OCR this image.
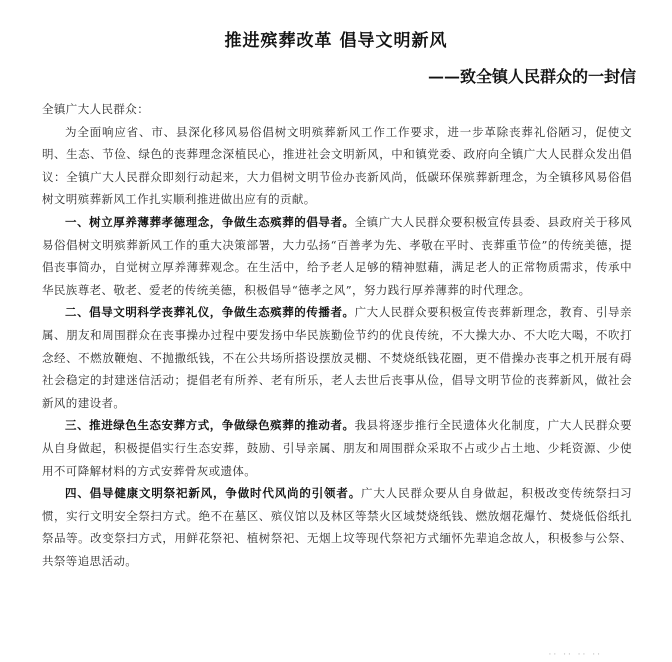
推进殡葬改革 倡导文明新风
——致全镇人民群众的一封信

全镇广大人民群众：

为全面响应省、市、县深化移风易俗倡树文明殡葬新风工作工作要求，进一步革除丧葬礼俗陋习，促使文明、生态、节俭、绿色的丧葬理念深植民心，推进社会文明新风，中和镇党委、政府向全镇广大人民群众发出倡议：全镇广大人民群众即刻行动起来，大力倡树文明节俭办丧新风尚，低碳环保殡葬新理念，为全镇移风易俗倡树文明殡葬新风工作扎实顺利推进做出应有的贡献。

一、树立厚养薄葬孝德理念，争做生态殡葬的倡导者。全镇广大人民群众要积极宣传县委、县政府关于移风易俗倡树文明殡葬新风工作的重大决策部署，大力弘扬“百善孝为先、孝敬在平时、丧葬重节俭”的传统美德，提倡丧事简办，自觉树立厚养薄葬观念。在生活中，给予老人足够的精神慰藉，满足老人的正常物质需求，传承中华民族尊老、敬老、爱老的传统美德，积极倡导“德孝之风”，努力践行厚养薄葬的时代理念。

二、倡导文明科学丧葬礼仪，争做生态殡葬的传播者。广大人民群众要积极宣传丧葬新理念，教育、引导亲属、朋友和周围群众在丧事操办过程中要发扬中华民族勤俭节约的优良传统，不大操大办、不大吃大喝，不吹打念经、不燃放鞭炮、不抛撒纸钱，不在公共场所搭设摆放灵棚、不焚烧纸钱花圈，更不借操办丧事之机开展有碍社会稳定的封建迷信活动；提倡老有所养、老有所乐，老人去世后丧事从俭，倡导文明节俭的丧葬新风，做社会新风的建设者。

三、推进绿色生态安葬方式，争做绿色殡葬的推动者。我县将逐步推行全民遗体火化制度，广大人民群众要从自身做起，积极提倡实行生态安葬，鼓励、引导亲属、朋友和周围群众采取不占或少占土地、少耗资源、少使用不可降解材料的方式安葬骨灰或遗体。

四、倡导健康文明祭祀新风，争做时代风尚的引领者。广大人民群众要从自身做起，积极改变传统祭扫习惯，实行文明安全祭扫方式。绝不在墓区、殡仪馆以及林区等禁火区域焚烧纸钱、燃放烟花爆竹、焚烧低俗纸扎祭品等。改变祭扫方式，用鲜花祭祀、植树祭祀、无烟上坟等现代祭祀方式缅怀先辈追念故人，积极参与公祭、共祭等追思活动。

·· ·· ·· ··
